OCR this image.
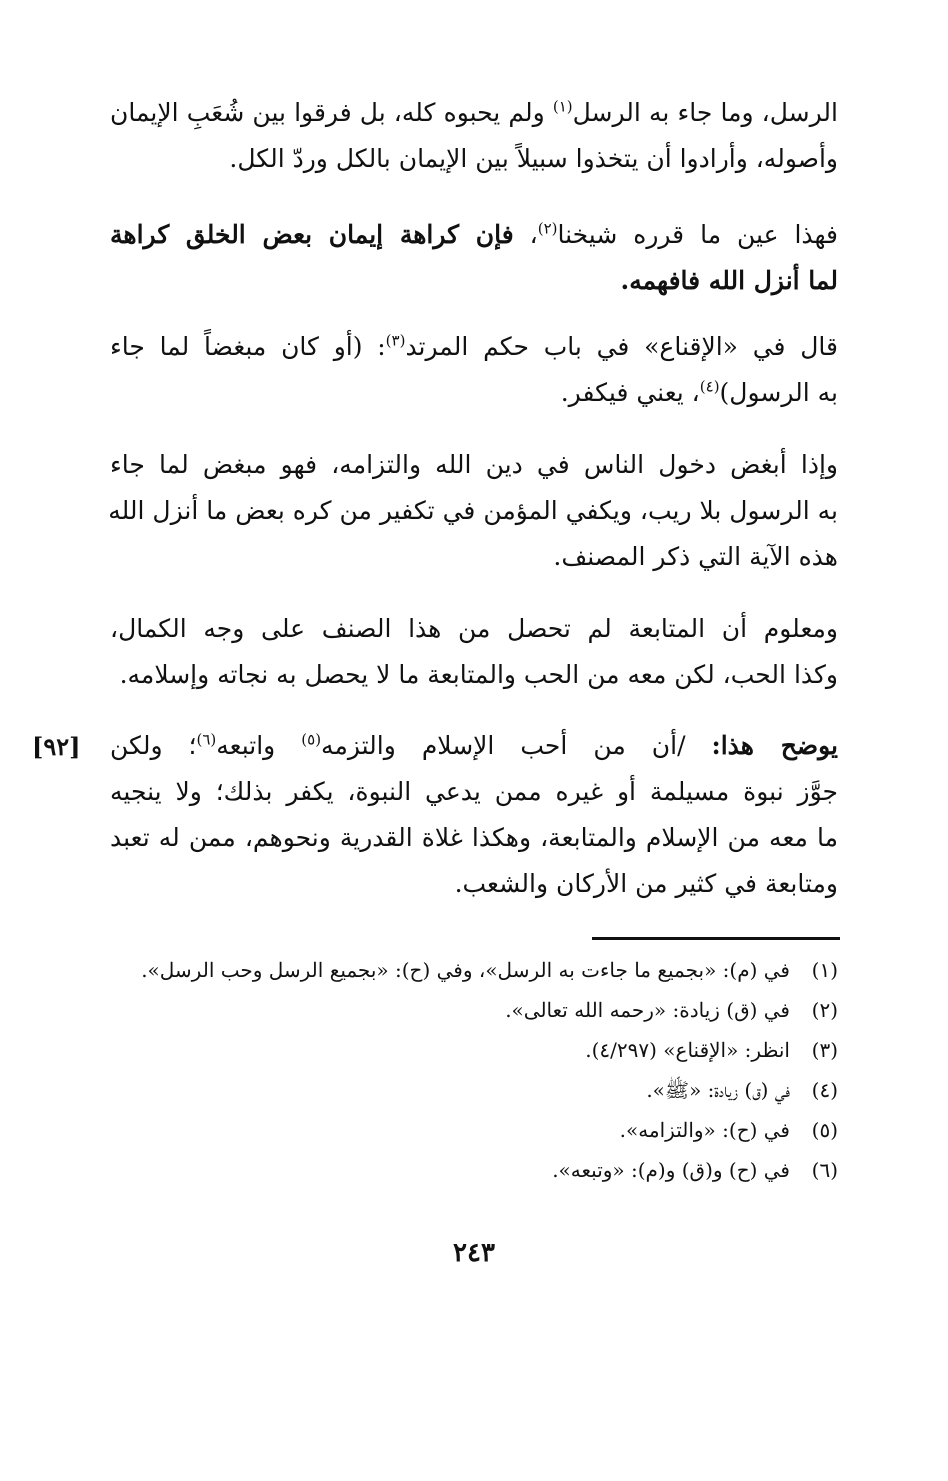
الرسل، وما جاء به الرسل$^{(١)}$ ولم يحبوه كله، بل فرقوا بين شُعَبِ الإيمان
وأصوله، وأرادوا أن يتخذوا سبيلاً بين الإيمان بالكل وردّ الكل.
فهذا عين ما قرره شيخنا$^{(٢)}$، فإن كراهة إيمان بعض الخلق كراهة
لما أنزل الله فافهمه.
قال في «الإقناع» في باب حكم المرتد$^{(٣)}$: (أو كان مبغضاً لما جاء
به الرسول)$^{(٤)}$، يعني فيكفر.
وإذا أبغض دخول الناس في دين الله والتزامه، فهو مبغض لما جاء
به الرسول بلا ريب، ويكفي المؤمن في تكفير من كره بعض ما أنزل الله
هذه الآية التي ذكر المصنف.
ومعلوم أن المتابعة لم تحصل من هذا الصنف على وجه الكمال،
وكذا الحب، لكن معه من الحب والمتابعة ما لا يحصل به نجاته وإسلامه.
يوضح هذا: /أن من أحب الإسلام والتزمه$^{(٥)}$ واتبعه$^{(٦)}$؛ ولكن
جوَّز نبوة مسيلمة أو غيره ممن يدعي النبوة، يكفر بذلك؛ ولا ينجيه
ما معه من الإسلام والمتابعة، وهكذا غلاة القدرية ونحوهم، ممن له تعبد
ومتابعة في كثير من الأركان والشعب.
[٩٢]
(١)في (م): «بجميع ما جاءت به الرسل»، وفي (ح): «بجميع الرسل وحب الرسل».
(٢)في (ق) زيادة: «رحمه الله تعالى».
(٣)انظر: «الإقناع» (٤/٢٩٧).
(٤)في (ق) زيادة: «ﷺ».
(٥)في (ح): «والتزامه».
(٦)في (ح) و(ق) و(م): «وتبعه».
٢٤٣
